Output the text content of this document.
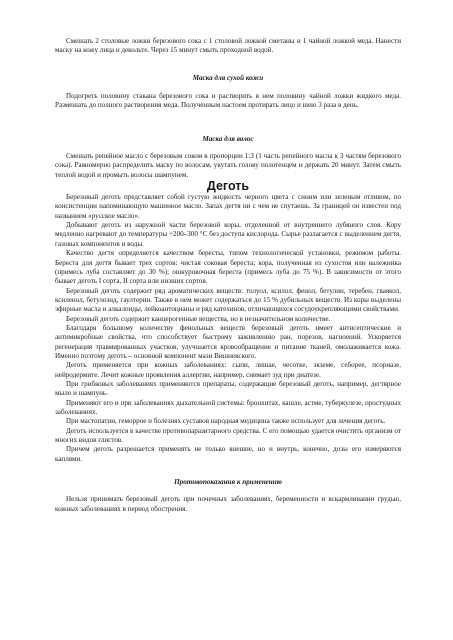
Смешать 2 столовые ложки березового сока с 1 столовой ложкой сметаны и 1 чайной ложкой меда. Нанести маску на кожу лица и декольте. Через 15 минут смыть проходной водой.

Маска для сухой кожи

Подогреть половину стакана березового сока и растворить в нем половину чайной ложки жидкого меда. Размешать до полного растворения меда. Полученным настоем протирать лицо и шею 3 раза в день.

Маска для волос

Смешать репейное масло с березовым соком в пропорции 1:3 (1 часть репейного масла к 3 частям березового сока). Равномерно распределить маску по волосам, укутать голову полотенцем и держать 20 минут. Затем смыть теплой водой и промыть волосы шампунем.

Деготь

Березовый деготь представляет собой густую жидкость черного цвета с синим или зеленым отливом, по консистенции напоминающую машинное масло. Запах дегтя ни с чем не спутаешь. За границей он известен под названием «русское масло».

Добывают деготь из наружной части березовой коры, отделенной от внутреннего лубяного слоя. Кору медленно нагревают до температуры +200–300 °С без доступа кислорода. Сырье разлагается с выделением дегтя, газовых компонентов и воды.

Качество дегтя определяется качеством бересты, типом технологической установки, режимом работы. Береста для дегтя бывает трех сортов: чистая соковая береста; кора, полученная из сухостоя или валежника (примесь луба составляет до 30 %); ошкуровочная береста (примесь луба до 75 %). В зависимости от этого бывает деготь I сорта, II сорта или низших сортов.

Березовый деготь содержит ряд ароматических веществ: толуол, ксилол, фенол, бетулин, теребен, гваякол, ксиленол, бетулозид, гаултерин. Также в нем может содержаться до 15 % дубильных веществ. Из коры выделены эфирные масла и алкалоиды, лейкоантоцианы и ряд катехинов, отличающихся сосудоукрепляющими свойствами.

Березовый деготь содержит канцерогенные вещества, но в незначительном количестве.

Благодаря большому количеству фенольных веществ березовый деготь имеет антисептические и антимикробные свойства, что способствует быстрому заживлению ран, порезов, нагноений. Ускоряется регенерация травмированных участков, улучшается кровообращение и питание тканей, омолаживается кожа. Именно поэтому деготь – основной компонент мази Вишневского.

Деготь применяется при кожных заболеваниях: сыпи, лишае, чесотке, экземе, себорее, псориазе, нейродермите. Лечит кожные проявления аллергии, например, снимает зуд при диатезе.

При грибковых заболеваниях применяются препараты, содержащие березовый деготь, например, дегтярное мыло и шампунь.

Применяют его и при заболеваниях дыхательной системы: бронхитах, кашле, астме, туберкулезе, простудных заболеваниях.

При мастопатии, геморрое и болезнях суставов народная медицина также использует для лечения деготь.

Деготь используется в качестве противопаразитарного средства. С его помощью удается очистить организм от многих видов глистов.

Причем деготь разрешается применять не только внешне, но и внутрь, конечно, дозы его измеряются каплями.

Противопоказания к применению

Нельзя принимать березовый деготь при почечных заболеваниях, беременности и вскармливании грудью, кожных заболеваниях в период обострения.
